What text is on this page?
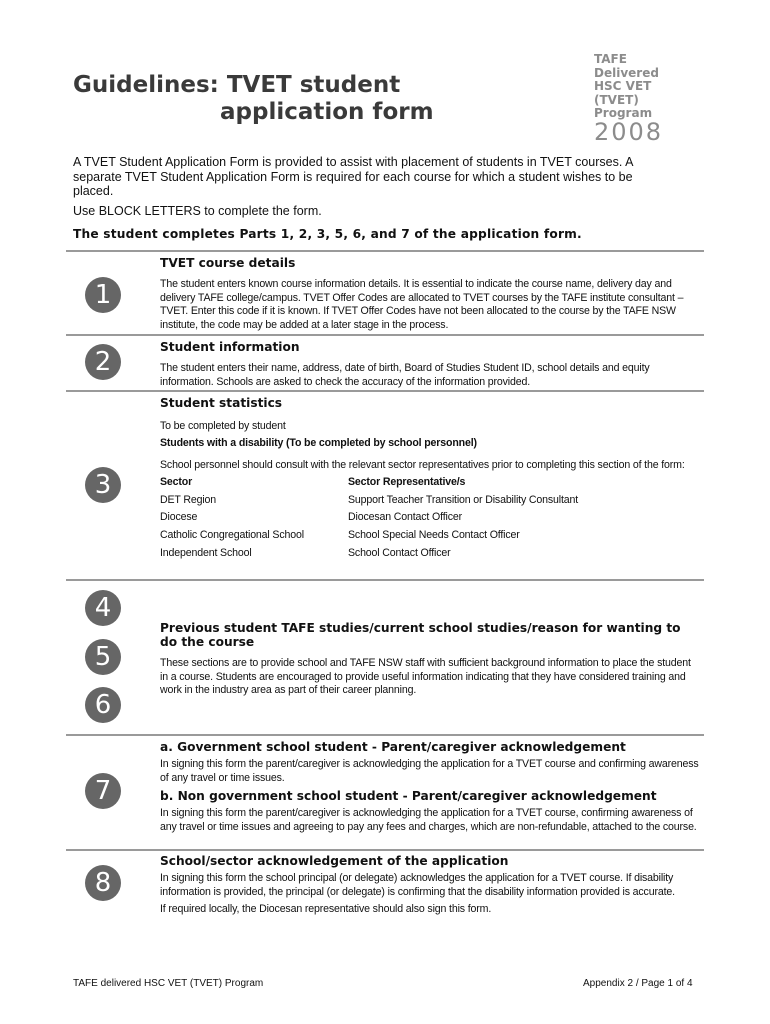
Guidelines: TVET student
application form
TAFE
Delivered
HSC VET
(TVET)
Program
2008

A TVET Student Application Form is provided to assist with placement of students in TVET courses. A separate TVET Student Application Form is required for each course for which a student wishes to be placed.

Use BLOCK LETTERS to complete the form.

The student completes Parts 1, 2, 3, 5, 6, and 7 of the application form.

1
TVET course details
The student enters known course information details. It is essential to indicate the course name, delivery day and delivery TAFE college/campus. TVET Offer Codes are allocated to TVET courses by the TAFE institute consultant – TVET. Enter this code if it is known. If TVET Offer Codes have not been allocated to the course by the TAFE NSW institute, the code may be added at a later stage in the process.
2	Student information
The student enters their name, address, date of birth, Board of Studies Student ID, school details and equity information. Schools are asked to check the accuracy of the information provided.
3
Student statistics
To be completed by student
Students with a disability (To be completed by school personnel)
School personnel should consult with the relevant sector representatives prior to completing this section of the form:
Sector	Sector Representative/s
DET Region	Support Teacher Transition or Disability Consultant
Diocese	Diocesan Contact Officer
Catholic Congregational School	School Special Needs Contact Officer
Independent School	School Contact Officer
4
5
6
Previous student TAFE studies/current school studies/reason for wanting to do the course
These sections are to provide school and TAFE NSW staff with sufficient background information to place the student in a course. Students are encouraged to provide useful information indicating that they have considered training and work in the industry area as part of their career planning.
7
a. Government school student - Parent/caregiver acknowledgement
In signing this form the parent/caregiver is acknowledging the application for a TVET course and confirming awareness of any travel or time issues.
b. Non government school student - Parent/caregiver acknowledgement
In signing this form the parent/caregiver is acknowledging the application for a TVET course, confirming awareness of any travel or time issues and agreeing to pay any fees and charges, which are non-refundable, attached to the course.
8
School/sector acknowledgement of the application
In signing this form the school principal (or delegate) acknowledges the application for a TVET course. If disability information is provided, the principal (or delegate) is confirming that the disability information provided is accurate.
If required locally, the Diocesan representative should also sign this form.
TAFE delivered HSC VET (TVET) Program	Appendix 2 / Page 1 of 4
